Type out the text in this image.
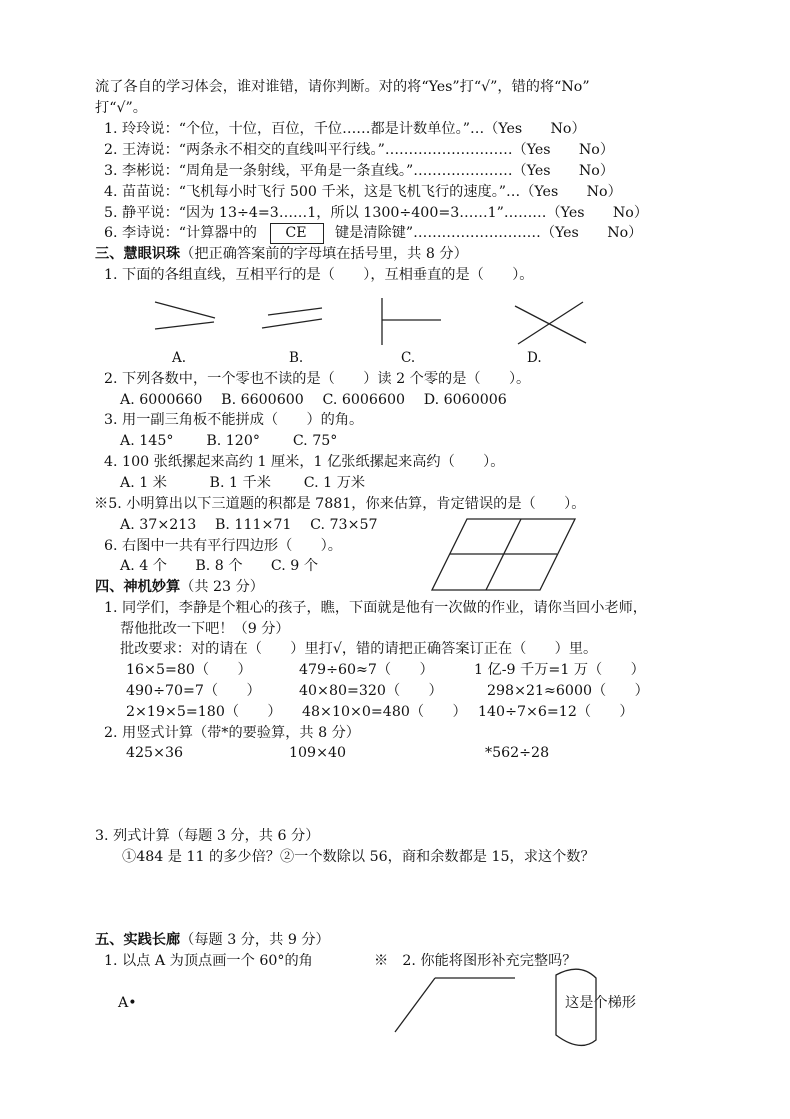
流了各自的学习体会，谁对谁错，请你判断。对的将“Yes”打“√”，错的将“No”
打“√”。
1. 玲玲说：“个位，十位，百位，千位……都是计数单位。”…（Yes　　No）
2. 王涛说：“两条永不相交的直线叫平行线。”………………………（Yes　　No）
3. 李彬说：“周角是一条射线，平角是一条直线。”…………………（Yes　　No）
4. 苗苗说：“飞机每小时飞行 500 千米，这是飞机飞行的速度。”…（Yes　　No）
5. 静平说：“因为 13÷4=3……1，所以 1300÷400=3……1”………（Yes　　No）
6. 李诗说：“计算器中的　　CE　　键是清除键”………………………（Yes　　No）
三、慧眼识珠（把正确答案前的字母填在括号里，共 8 分）
1. 下面的各组直线，互相平行的是（　　），互相垂直的是（　　）。
A.	B.	C.	D.
2. 下列各数中，一个零也不读的是（　　）读 2 个零的是（　　）。
A. 6000660　 B. 6600600　 C. 6006600　 D. 6060006
3. 用一副三角板不能拼成（　　）的角。
A. 145°　　 B. 120°　　 C. 75°
4. 100 张纸摞起来高约 1 厘米，1 亿张纸摞起来高约（　　）。
A. 1 米　　　B. 1 千米　　 C. 1 万米
※5. 小明算出以下三道题的积都是 7881，你来估算，肯定错误的是（　　）。
A. 37×213　 B. 111×71　 C. 73×57
6. 右图中一共有平行四边形（　　）。
A. 4 个　　B. 8 个　　C. 9 个
四、神机妙算（共 23 分）
1. 同学们，李静是个粗心的孩子，瞧，下面就是他有一次做的作业，请你当回小老师，
帮他批改一下吧！（9 分）
批改要求：对的请在（　　）里打√，错的请把正确答案订正在（　　）里。
16×5=80（　　）	479÷60≈7（　　）	1 亿-9 千万=1 万（　　）
490÷70=7（　　）	40×80=320（　　）	298×21≈6000（　　）
2×19×5=180（　　） 48×10×0=480（　　） 140÷7×6=12（　　）
2. 用竖式计算（带*的要验算，共 8 分）
425×36	109×40	*562÷28
3. 列式计算（每题 3 分，共 6 分）
①484 是 11 的多少倍？②一个数除以 56，商和余数都是 15，求这个数？
五、实践长廊（每题 3 分，共 9 分）
1. 以点 A 为顶点画一个 60°的角	※　2. 你能将图形补充完整吗？
A•	这是个梯形
